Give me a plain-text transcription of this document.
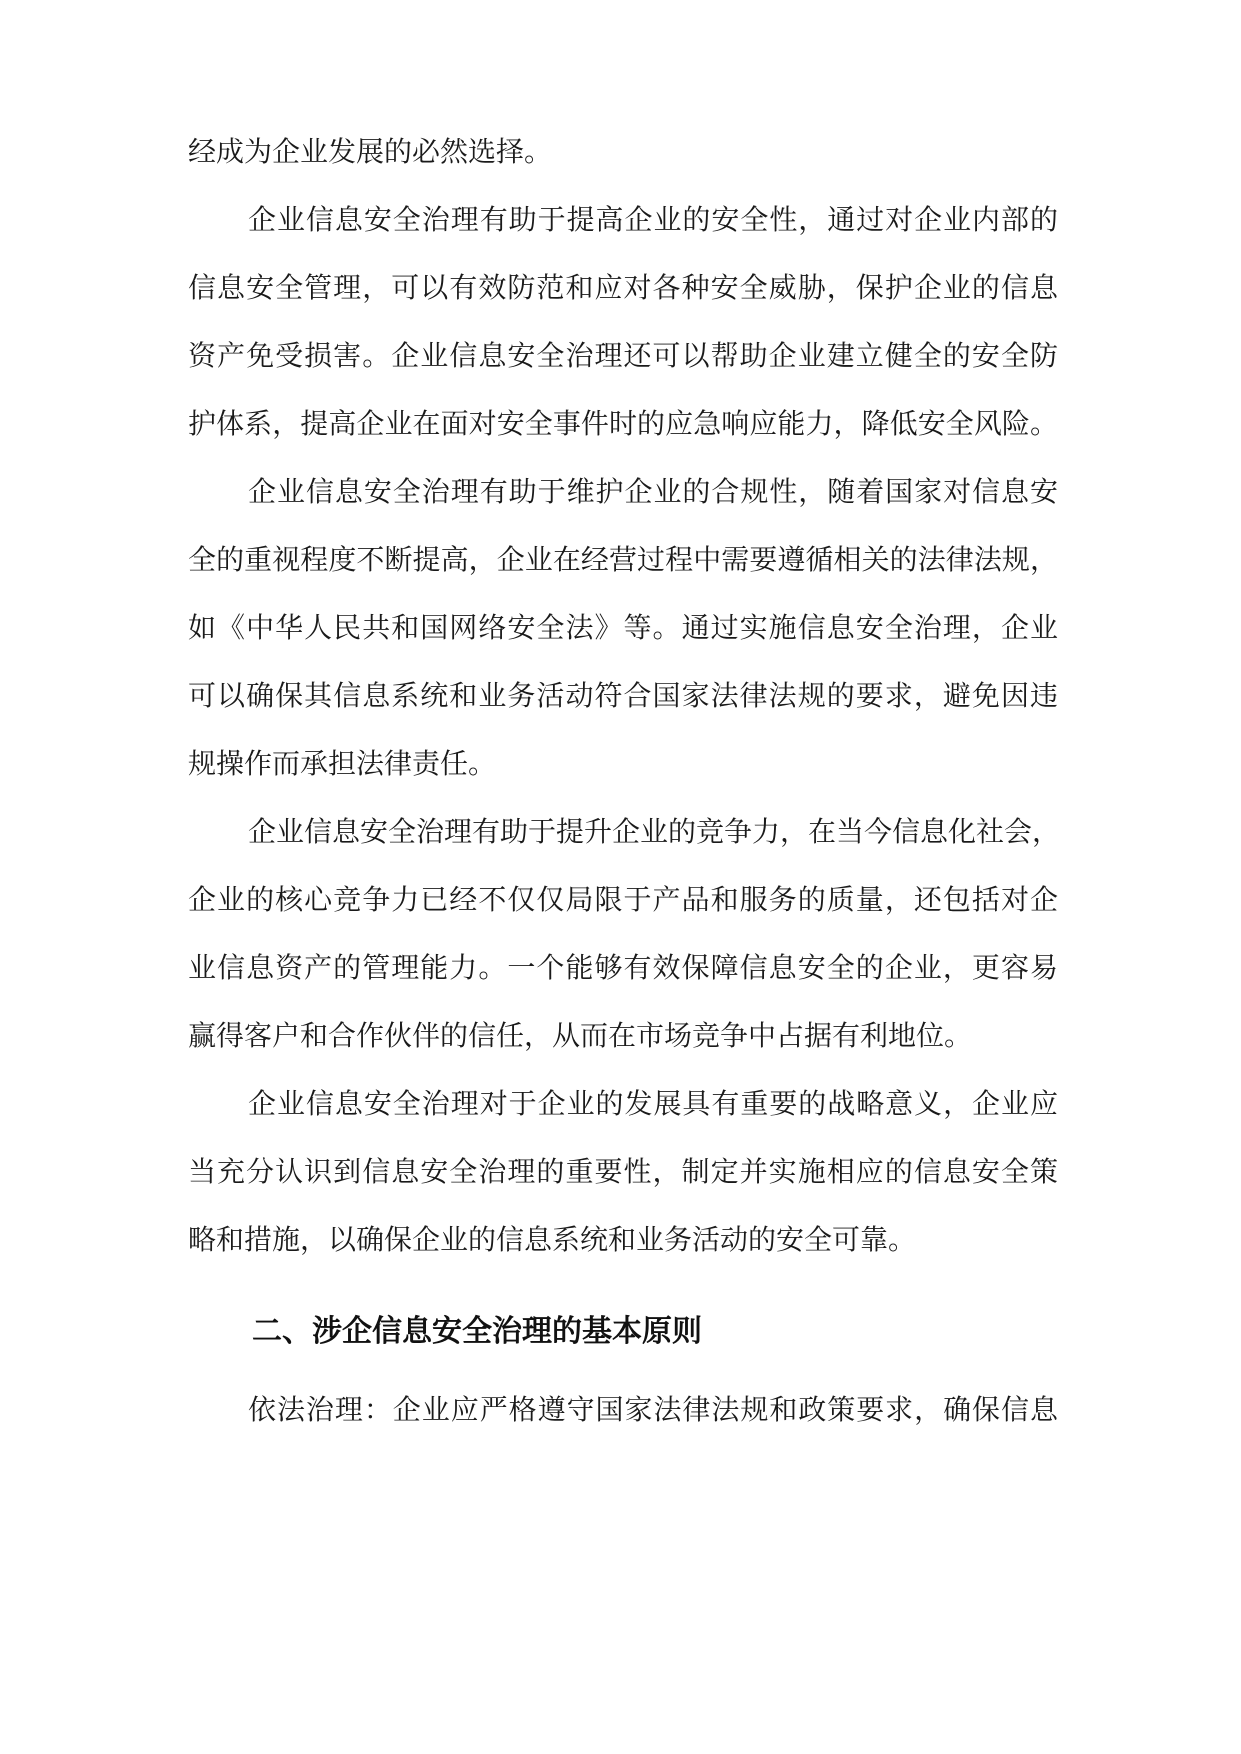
经成为企业发展的必然选择。
企业信息安全治理有助于提高企业的安全性，通过对企业内部的
信息安全管理，可以有效防范和应对各种安全威胁，保护企业的信息
资产免受损害。企业信息安全治理还可以帮助企业建立健全的安全防
护体系，提高企业在面对安全事件时的应急响应能力，降低安全风险。
企业信息安全治理有助于维护企业的合规性，随着国家对信息安
全的重视程度不断提高，企业在经营过程中需要遵循相关的法律法规，
如《中华人民共和国网络安全法》等。通过实施信息安全治理，企业
可以确保其信息系统和业务活动符合国家法律法规的要求，避免因违
规操作而承担法律责任。
企业信息安全治理有助于提升企业的竞争力，在当今信息化社会，
企业的核心竞争力已经不仅仅局限于产品和服务的质量，还包括对企
业信息资产的管理能力。一个能够有效保障信息安全的企业，更容易
赢得客户和合作伙伴的信任，从而在市场竞争中占据有利地位。
企业信息安全治理对于企业的发展具有重要的战略意义，企业应
当充分认识到信息安全治理的重要性，制定并实施相应的信息安全策
略和措施，以确保企业的信息系统和业务活动的安全可靠。
二、涉企信息安全治理的基本原则
依法治理：企业应严格遵守国家法律法规和政策要求，确保信息
